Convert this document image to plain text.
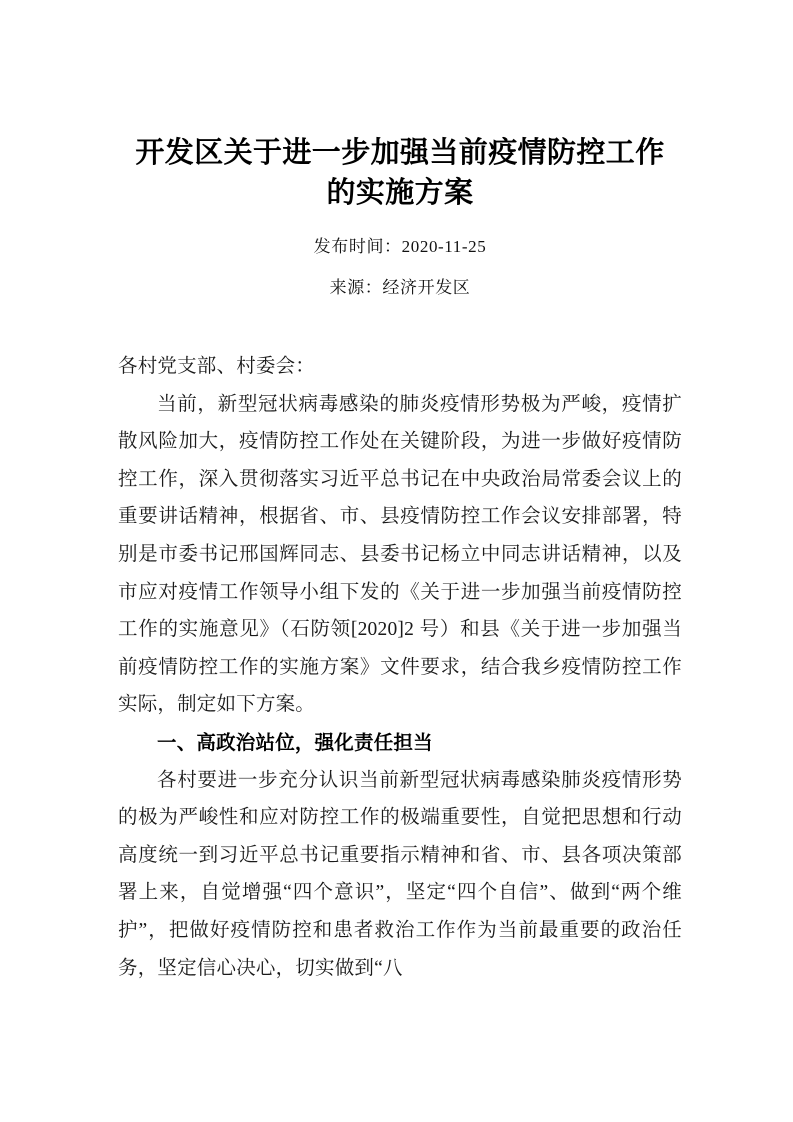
开发区关于进一步加强当前疫情防控工作的实施方案
发布时间：2020-11-25
来源：经济开发区

各村党支部、村委会：

当前，新型冠状病毒感染的肺炎疫情形势极为严峻，疫情扩散风险加大，疫情防控工作处在关键阶段，为进一步做好疫情防控工作，深入贯彻落实习近平总书记在中央政治局常委会议上的重要讲话精神，根据省、市、县疫情防控工作会议安排部署，特别是市委书记邢国辉同志、县委书记杨立中同志讲话精神，以及市应对疫情工作领导小组下发的《关于进一步加强当前疫情防控工作的实施意见》（石防领[2020]2 号）和县《关于进一步加强当前疫情防控工作的实施方案》文件要求，结合我乡疫情防控工作实际，制定如下方案。

一、高政治站位，强化责任担当

各村要进一步充分认识当前新型冠状病毒感染肺炎疫情形势的极为严峻性和应对防控工作的极端重要性，自觉把思想和行动高度统一到习近平总书记重要指示精神和省、市、县各项决策部署上来，自觉增强“四个意识”，坚定“四个自信”、做到“两个维护”，把做好疫情防控和患者救治工作作为当前最重要的政治任务，坚定信心决心，切实做到“八
